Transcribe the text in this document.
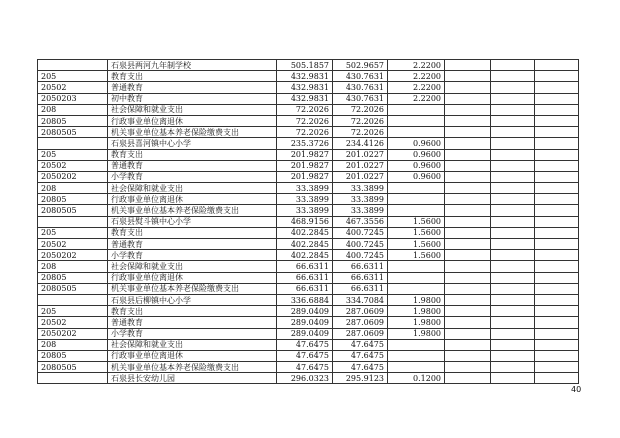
	石泉县两河九年制学校	505.1857	502.9657	2.2200			
205	教育支出	432.9831	430.7631	2.2200			
20502	普通教育	432.9831	430.7631	2.2200			
2050203	初中教育	432.9831	430.7631	2.2200			
208	社会保障和就业支出	72.2026	72.2026				
20805	行政事业单位离退休	72.2026	72.2026				
2080505	机关事业单位基本养老保险缴费支出	72.2026	72.2026				
	石泉县喜河镇中心小学	235.3726	234.4126	0.9600			
205	教育支出	201.9827	201.0227	0.9600			
20502	普通教育	201.9827	201.0227	0.9600			
2050202	小学教育	201.9827	201.0227	0.9600			
208	社会保障和就业支出	33.3899	33.3899				
20805	行政事业单位离退休	33.3899	33.3899				
2080505	机关事业单位基本养老保险缴费支出	33.3899	33.3899				
	石泉县熨斗镇中心小学	468.9156	467.3556	1.5600			
205	教育支出	402.2845	400.7245	1.5600			
20502	普通教育	402.2845	400.7245	1.5600			
2050202	小学教育	402.2845	400.7245	1.5600			
208	社会保障和就业支出	66.6311	66.6311				
20805	行政事业单位离退休	66.6311	66.6311				
2080505	机关事业单位基本养老保险缴费支出	66.6311	66.6311				
	石泉县后柳镇中心小学	336.6884	334.7084	1.9800			
205	教育支出	289.0409	287.0609	1.9800			
20502	普通教育	289.0409	287.0609	1.9800			
2050202	小学教育	289.0409	287.0609	1.9800			
208	社会保障和就业支出	47.6475	47.6475				
20805	行政事业单位离退休	47.6475	47.6475				
2080505	机关事业单位基本养老保险缴费支出	47.6475	47.6475				
	石泉县长安幼儿园	296.0323	295.9123	0.1200			
40
